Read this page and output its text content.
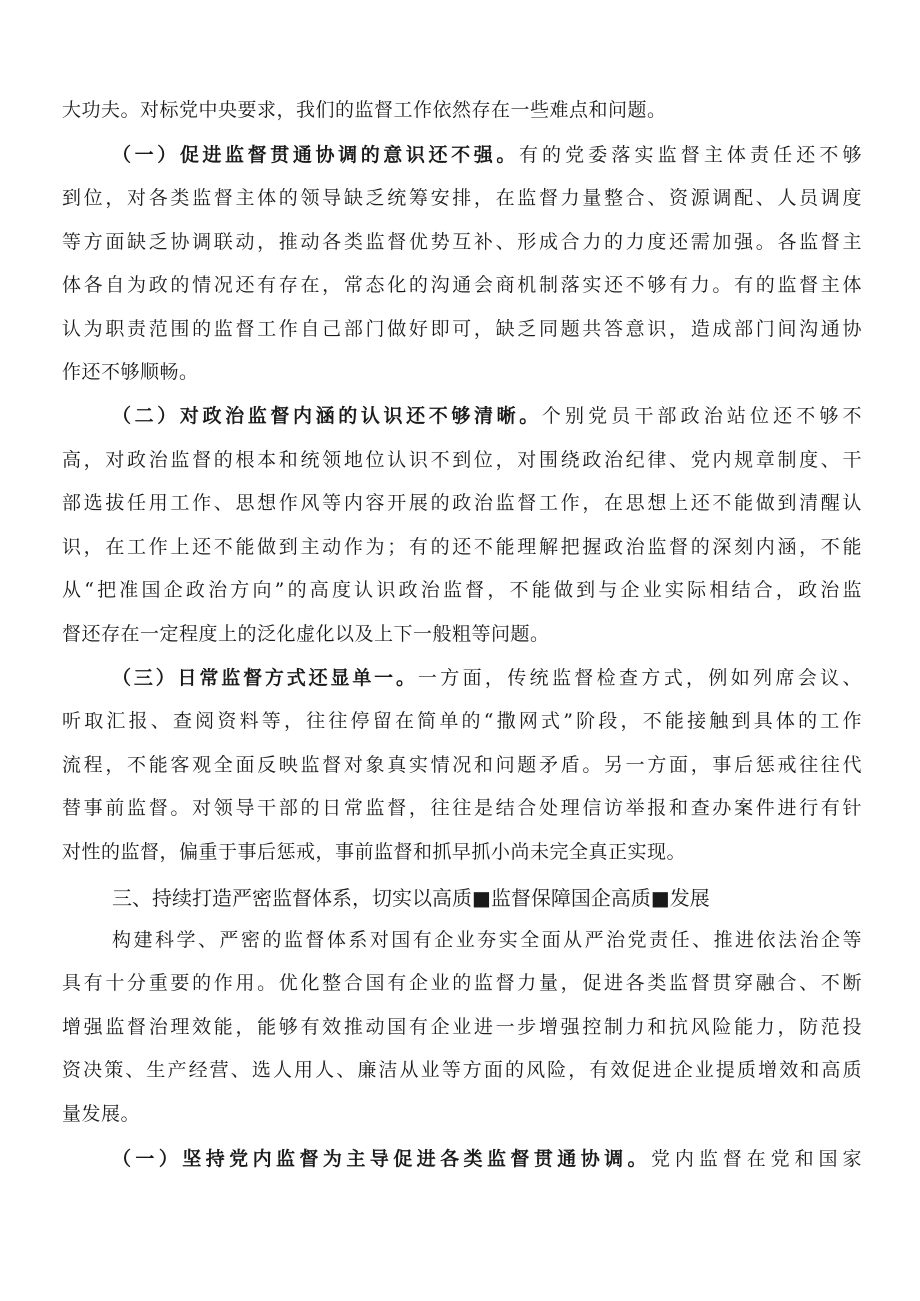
大功夫。对标党中央要求，我们的监督工作依然存在一些难点和问题。
（一）促进监督贯通协调的意识还不强。有的党委落实监督主体责任还不够
到位，对各类监督主体的领导缺乏统筹安排，在监督力量整合、资源调配、人员调度
等方面缺乏协调联动，推动各类监督优势互补、形成合力的力度还需加强。各监督主
体各自为政的情况还有存在，常态化的沟通会商机制落实还不够有力。有的监督主体
认为职责范围的监督工作自己部门做好即可，缺乏同题共答意识，造成部门间沟通协
作还不够顺畅。
（二）对政治监督内涵的认识还不够清晰。个别党员干部政治站位还不够不
高，对政治监督的根本和统领地位认识不到位，对围绕政治纪律、党内规章制度、干
部选拔任用工作、思想作风等内容开展的政治监督工作，在思想上还不能做到清醒认
识，在工作上还不能做到主动作为；有的还不能理解把握政治监督的深刻内涵，不能
从“把准国企政治方向”的高度认识政治监督，不能做到与企业实际相结合，政治监
督还存在一定程度上的泛化虚化以及上下一般粗等问题。
（三）日常监督方式还显单一。一方面，传统监督检查方式，例如列席会议、
听取汇报、查阅资料等，往往停留在简单的“撒网式”阶段，不能接触到具体的工作
流程，不能客观全面反映监督对象真实情况和问题矛盾。另一方面，事后惩戒往往代
替事前监督。对领导干部的日常监督，往往是结合处理信访举报和查办案件进行有针
对性的监督，偏重于事后惩戒，事前监督和抓早抓小尚未完全真正实现。
三、持续打造严密监督体系，切实以高质■监督保障国企高质■发展
构建科学、严密的监督体系对国有企业夯实全面从严治党责任、推进依法治企等
具有十分重要的作用。优化整合国有企业的监督力量，促进各类监督贯穿融合、不断
增强监督治理效能，能够有效推动国有企业进一步增强控制力和抗风险能力，防范投
资决策、生产经营、选人用人、廉洁从业等方面的风险，有效促进企业提质增效和高质
量发展。
（一）坚持党内监督为主导促进各类监督贯通协调。党内监督在党和国家
